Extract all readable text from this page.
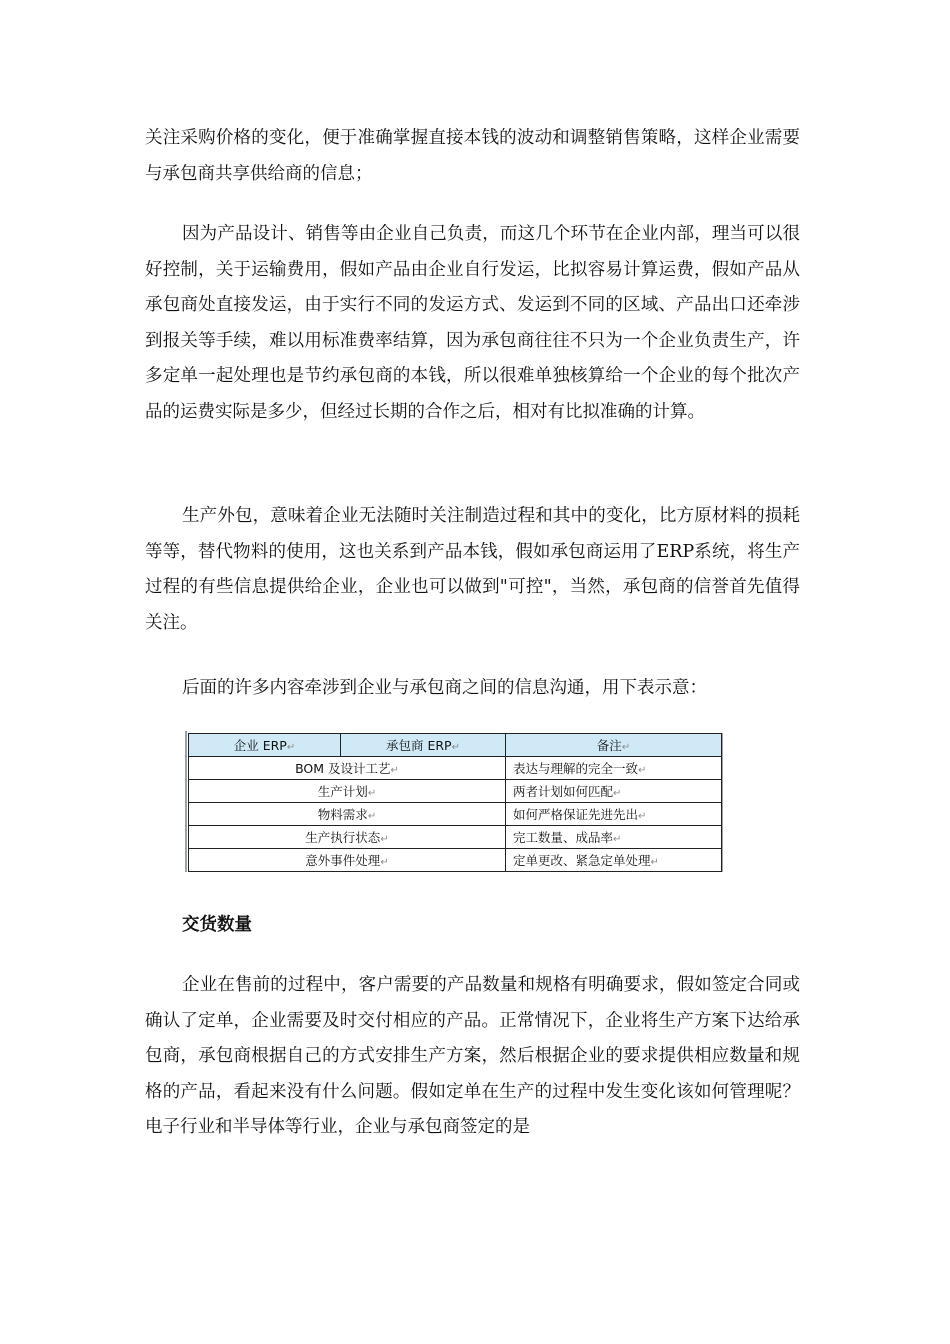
关注采购价格的变化，便于准确掌握直接本钱的波动和调整销售策略，这样企业需要与承包商共享供给商的信息；

因为产品设计、销售等由企业自己负责，而这几个环节在企业内部，理当可以很好控制，关于运输费用，假如产品由企业自行发运，比拟容易计算运费，假如产品从承包商处直接发运，由于实行不同的发运方式、发运到不同的区域、产品出口还牵涉到报关等手续，难以用标准费率结算，因为承包商往往不只为一个企业负责生产，许多定单一起处理也是节约承包商的本钱，所以很难单独核算给一个企业的每个批次产品的运费实际是多少，但经过长期的合作之后，相对有比拟准确的计算。

生产外包，意味着企业无法随时关注制造过程和其中的变化，比方原材料的损耗等等，替代物料的使用，这也关系到产品本钱，假如承包商运用了ERP系统，将生产过程的有些信息提供给企业，企业也可以做到"可控"，当然，承包商的信誉首先值得关注。

后面的许多内容牵涉到企业与承包商之间的信息沟通，用下表示意：

企业 ERP↵	承包商 ERP↵	备注↵
BOM 及设计工艺↵		表达与理解的完全一致↵
生产计划↵		两者计划如何匹配↵
物料需求↵		如何严格保证先进先出↵
生产执行状态↵		完工数量、成品率↵
意外事件处理↵		定单更改、紧急定单处理↵
交货数量

企业在售前的过程中，客户需要的产品数量和规格有明确要求，假如签定合同或确认了定单，企业需要及时交付相应的产品。正常情况下，企业将生产方案下达给承包商，承包商根据自己的方式安排生产方案，然后根据企业的要求提供相应数量和规格的产品，看起来没有什么问题。假如定单在生产的过程中发生变化该如何管理呢？电子行业和半导体等行业，企业与承包商签定的是
